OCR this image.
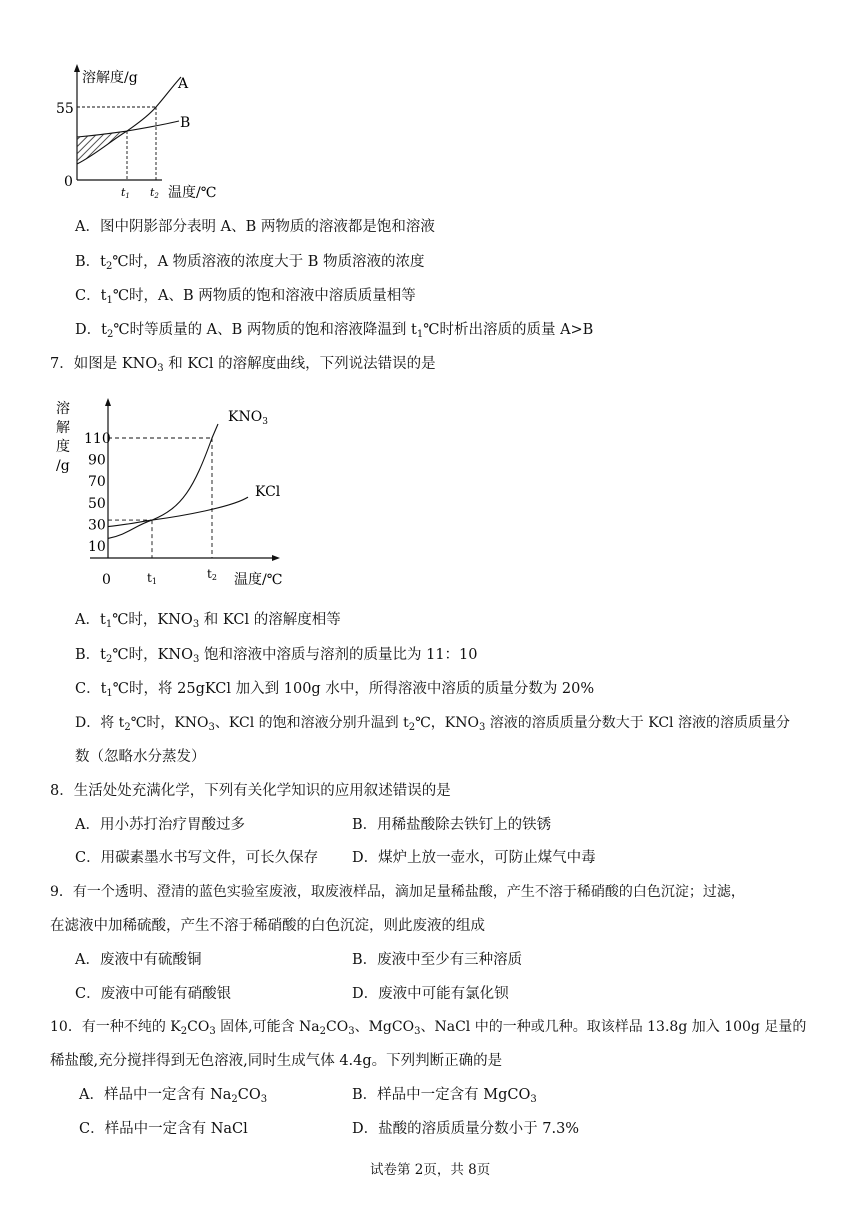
溶解度/g
55
0
A
B
t1 t2 温度/℃
A．图中阴影部分表明 A、B 两物质的溶液都是饱和溶液
B．$t_2℃$时，A 物质溶液的浓度大于 B 物质溶液的浓度
C．$t_1℃$时，A、B 两物质的饱和溶液中溶质质量相等
D．$t_2℃$时等质量的 A、B 两物质的饱和溶液降温到 $t_1℃$时析出溶质的质量 A>B
7．如图是 $KNO_3$ 和 KCl 的溶解度曲线，下列说法错误的是
溶
解
度
/g
110
90
70
50
30
10
0
$KNO_3$
KCl
t1
t2 温度/℃
A．$t_1℃$时，$KNO_3$ 和 KCl 的溶解度相等
B．$t_2℃$时，$KNO_3$ 饱和溶液中溶质与溶剂的质量比为 11：10
C．$t_1℃$时，将 25gKCl 加入到 100g 水中，所得溶液中溶质的质量分数为 20%
D．将 $t_2℃$时，$KNO_3$、KCl 的饱和溶液分别升温到 $t_2℃$，$KNO_3$ 溶液的溶质质量分数大于 KCl 溶液的溶质质量分
数（忽略水分蒸发）
8．生活处处充满化学，下列有关化学知识的应用叙述错误的是
A．用小苏打治疗胃酸过多	B．用稀盐酸除去铁钉上的铁锈
C．用碳素墨水书写文件，可长久保存 D．煤炉上放一壶水，可防止煤气中毒
9．有一个透明、澄清的蓝色实验室废液，取废液样品，滴加足量稀盐酸，产生不溶于稀硝酸的白色沉淀；过滤，
在滤液中加稀硫酸，产生不溶于稀硝酸的白色沉淀，则此废液的组成
A．废液中有硫酸铜	B．废液中至少有三种溶质
C．废液中可能有硝酸银	D．废液中可能有氯化钡
10．有一种不纯的 $K_2CO_3$ 固体,可能含 $Na_2CO_3$、MgCO$_3$、NaCl 中的一种或几种。取该样品 13.8g 加入 100g 足量的
稀盐酸,充分搅拌得到无色溶液,同时生成气体 4.4g。下列判断正确的是
A．样品中一定含有 $Na_2CO_3$	B．样品中一定含有 MgCO$_3$
C．样品中一定含有 NaCl	D．盐酸的溶质质量分数小于 7.3%
试卷第 2页，共 8页
